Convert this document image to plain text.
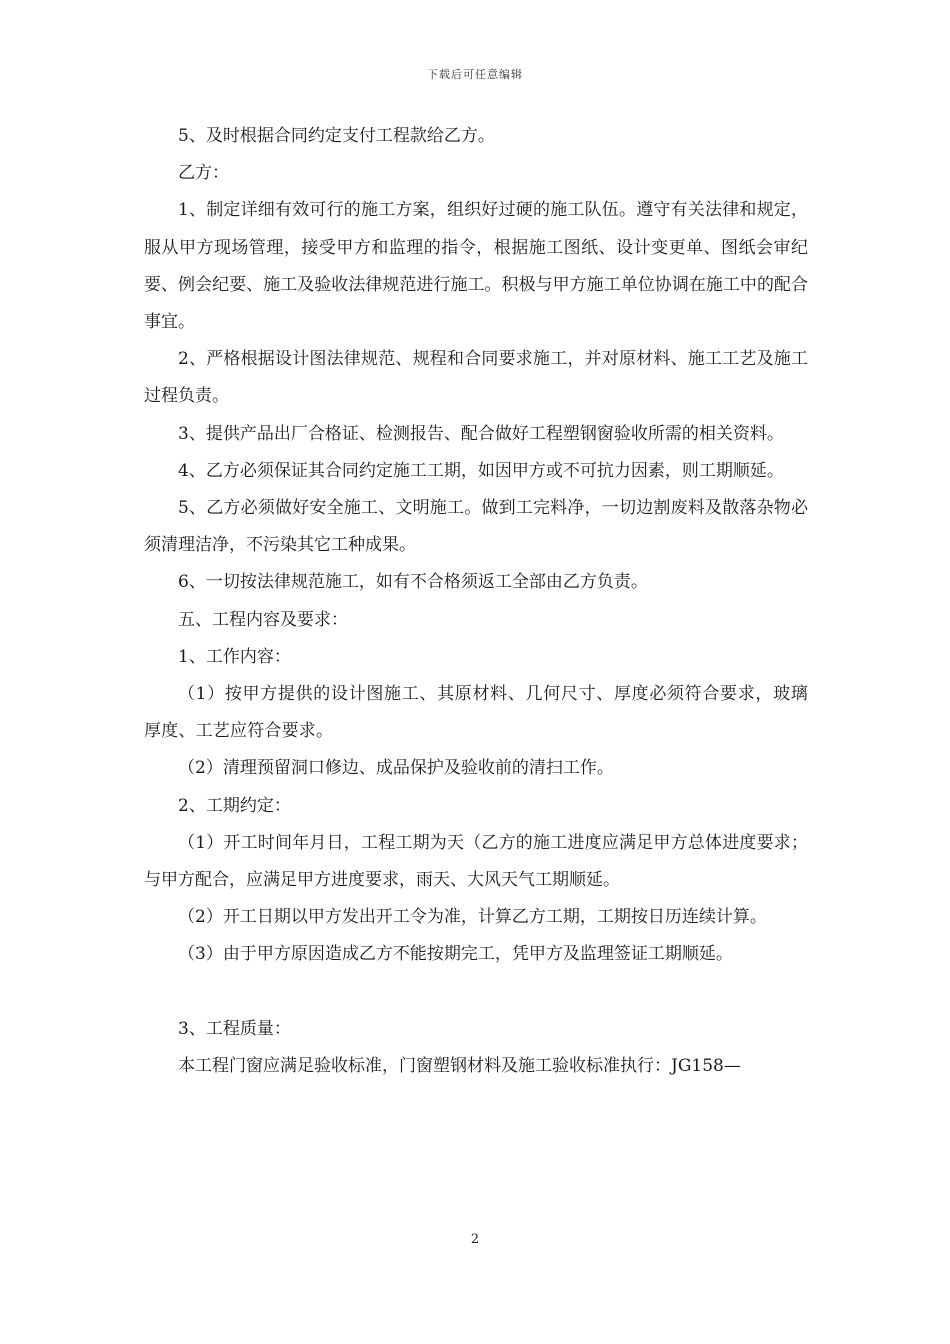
下载后可任意编辑

5、及时根据合同约定支付工程款给乙方。

乙方：

1、制定详细有效可行的施工方案，组织好过硬的施工队伍。遵守有关法律和规定，服从甲方现场管理，接受甲方和监理的指令，根据施工图纸、设计变更单、图纸会审纪要、例会纪要、施工及验收法律规范进行施工。积极与甲方施工单位协调在施工中的配合事宜。

2、严格根据设计图法律规范、规程和合同要求施工，并对原材料、施工工艺及施工过程负责。

3、提供产品出厂合格证、检测报告、配合做好工程塑钢窗验收所需的相关资料。

4、乙方必须保证其合同约定施工工期，如因甲方或不可抗力因素，则工期顺延。

5、乙方必须做好安全施工、文明施工。做到工完料净，一切边割废料及散落杂物必须清理洁净，不污染其它工种成果。

6、一切按法律规范施工，如有不合格须返工全部由乙方负责。

五、工程内容及要求：

1、工作内容：

（1）按甲方提供的设计图施工、其原材料、几何尺寸、厚度必须符合要求，玻璃厚度、工艺应符合要求。

（2）清理预留洞口修边、成品保护及验收前的清扫工作。

2、工期约定：

（1）开工时间年月日，工程工期为天（乙方的施工进度应满足甲方总体进度要求；与甲方配合，应满足甲方进度要求，雨天、大风天气工期顺延。

（2）开工日期以甲方发出开工令为准，计算乙方工期，工期按日历连续计算。

（3）由于甲方原因造成乙方不能按期完工，凭甲方及监理签证工期顺延。

3、工程质量：

本工程门窗应满足验收标准，门窗塑钢材料及施工验收标准执行：JG158—

2
